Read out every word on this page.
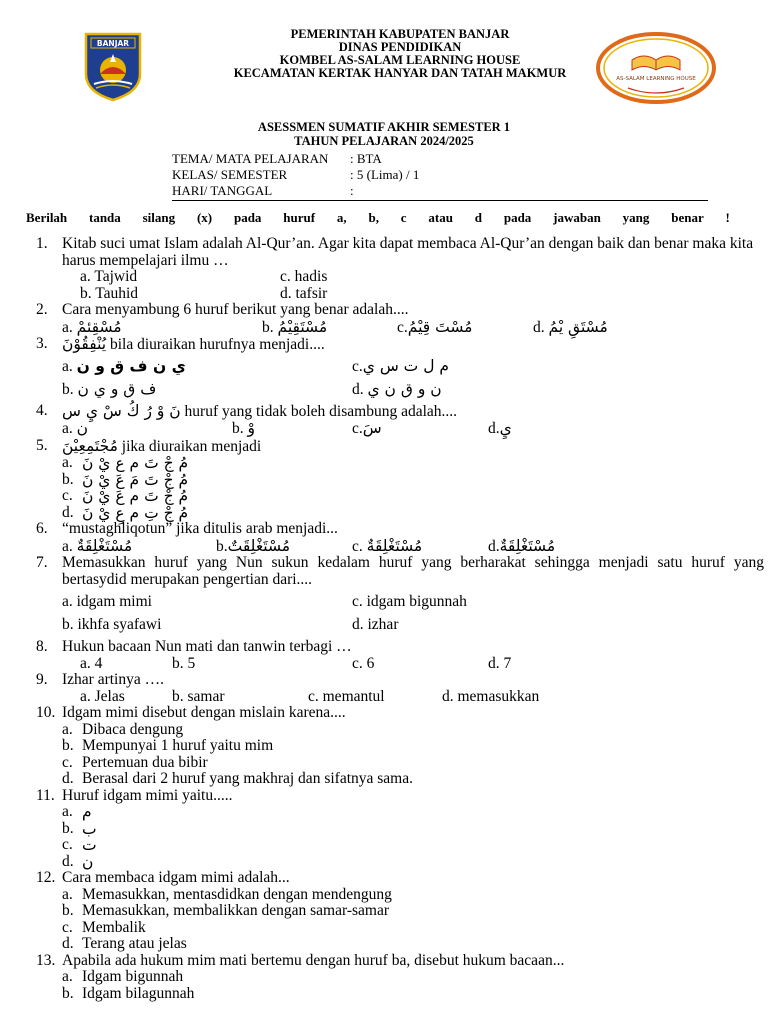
BANJAR
PEMERINTAH KABUPATEN BANJAR
DINAS PENDIDIKAN
KOMBEL AS-SALAM LEARNING HOUSE
KECAMATAN KERTAK HANYAR DAN TATAH MAKMUR	AS-SALAM LEARNING HOUSE
ASESSMEN SUMATIF AKHIR SEMESTER 1
TAHUN PELAJARAN 2024/2025
TEMA/ MATA PELAJARAN	: BTA
KELAS/ SEMESTER	: 5 (Lima) / 1
HARI/ TANGGAL	:
Berilah tanda silang (x) pada huruf a, b, c atau d pada jawaban yang benar !
1. Kitab suci umat Islam adalah Al-Qur’an. Agar kita dapat membaca Al-Qur’an dengan baik dan benar maka kita harus mempelajari ilmu …
a. Tajwid	c. hadis
b. Tauhid	d. tafsir
2. Cara menyambung 6 huruf berikut yang benar adalah....
a. مُسْقِئمْ	b. مُسْتَقِيْمُ	c.مُسْتَ قِيْمُ	d. مُسْتَقِ يْمُ
3. يُنْفِقُوْنَ bila diuraikan hurufnya menjadi....
a. ي ن ف ق و ن	c.م ل ت س ي
b. ف ق و ي ن	d. ن و ق ن ي
4. نَ وْ رُ كُ سْ يِ س huruf yang tidak boleh disambung adalah....
a. ن	b. وْ	c.سَ	d.يِ
5. مُجْتَمِعِيْنَ jika diuraikan menjadi
a. مُ جْ تَ م ع يْ نَ
b. مُ جْ تَ مَ عَ يْ نَ
c. مُ جْ تَ م عَ يْ نَ
d. مُ جْ تِ م عِ يْ نَ
6. “mustaghliqotun” jika ditulis arab menjadi...
a. مُسْتَغْلِقَةٌ	b.مُسْتَغْلِقَتٌ	c. مُسْتَغْلِقَةٌ	d.مُسْتَغْلِقَةٌ
7. Memasukkan huruf yang Nun sukun kedalam huruf yang berharakat sehingga menjadi satu huruf yang bertasydid merupakan pengertian dari....
a. idgam mimi	c. idgam bigunnah
b. ikhfa syafawi	d. izhar
8. Hukun bacaan Nun mati dan tanwin terbagi …
a. 4	b. 5	c. 6	d. 7
9. Izhar artinya ….
a. Jelas	b. samar	c. memantul	d. memasukkan
10. Idgam mimi disebut dengan mislain karena....
a. Dibaca dengung
b. Mempunyai 1 huruf yaitu mim
c. Pertemuan dua bibir
d. Berasal dari 2 huruf yang makhraj dan sifatnya sama.
11. Huruf idgam mimi yaitu.....
a. م
b. ب
c. ت
d. ن
12. Cara membaca idgam mimi adalah...
a. Memasukkan, mentasdidkan dengan mendengung
b. Memasukkan, membalikkan dengan samar-samar
c. Membalik
d. Terang atau jelas
13. Apabila ada hukum mim mati bertemu dengan huruf ba, disebut hukum bacaan...
a. Idgam bigunnah
b. Idgam bilagunnah
